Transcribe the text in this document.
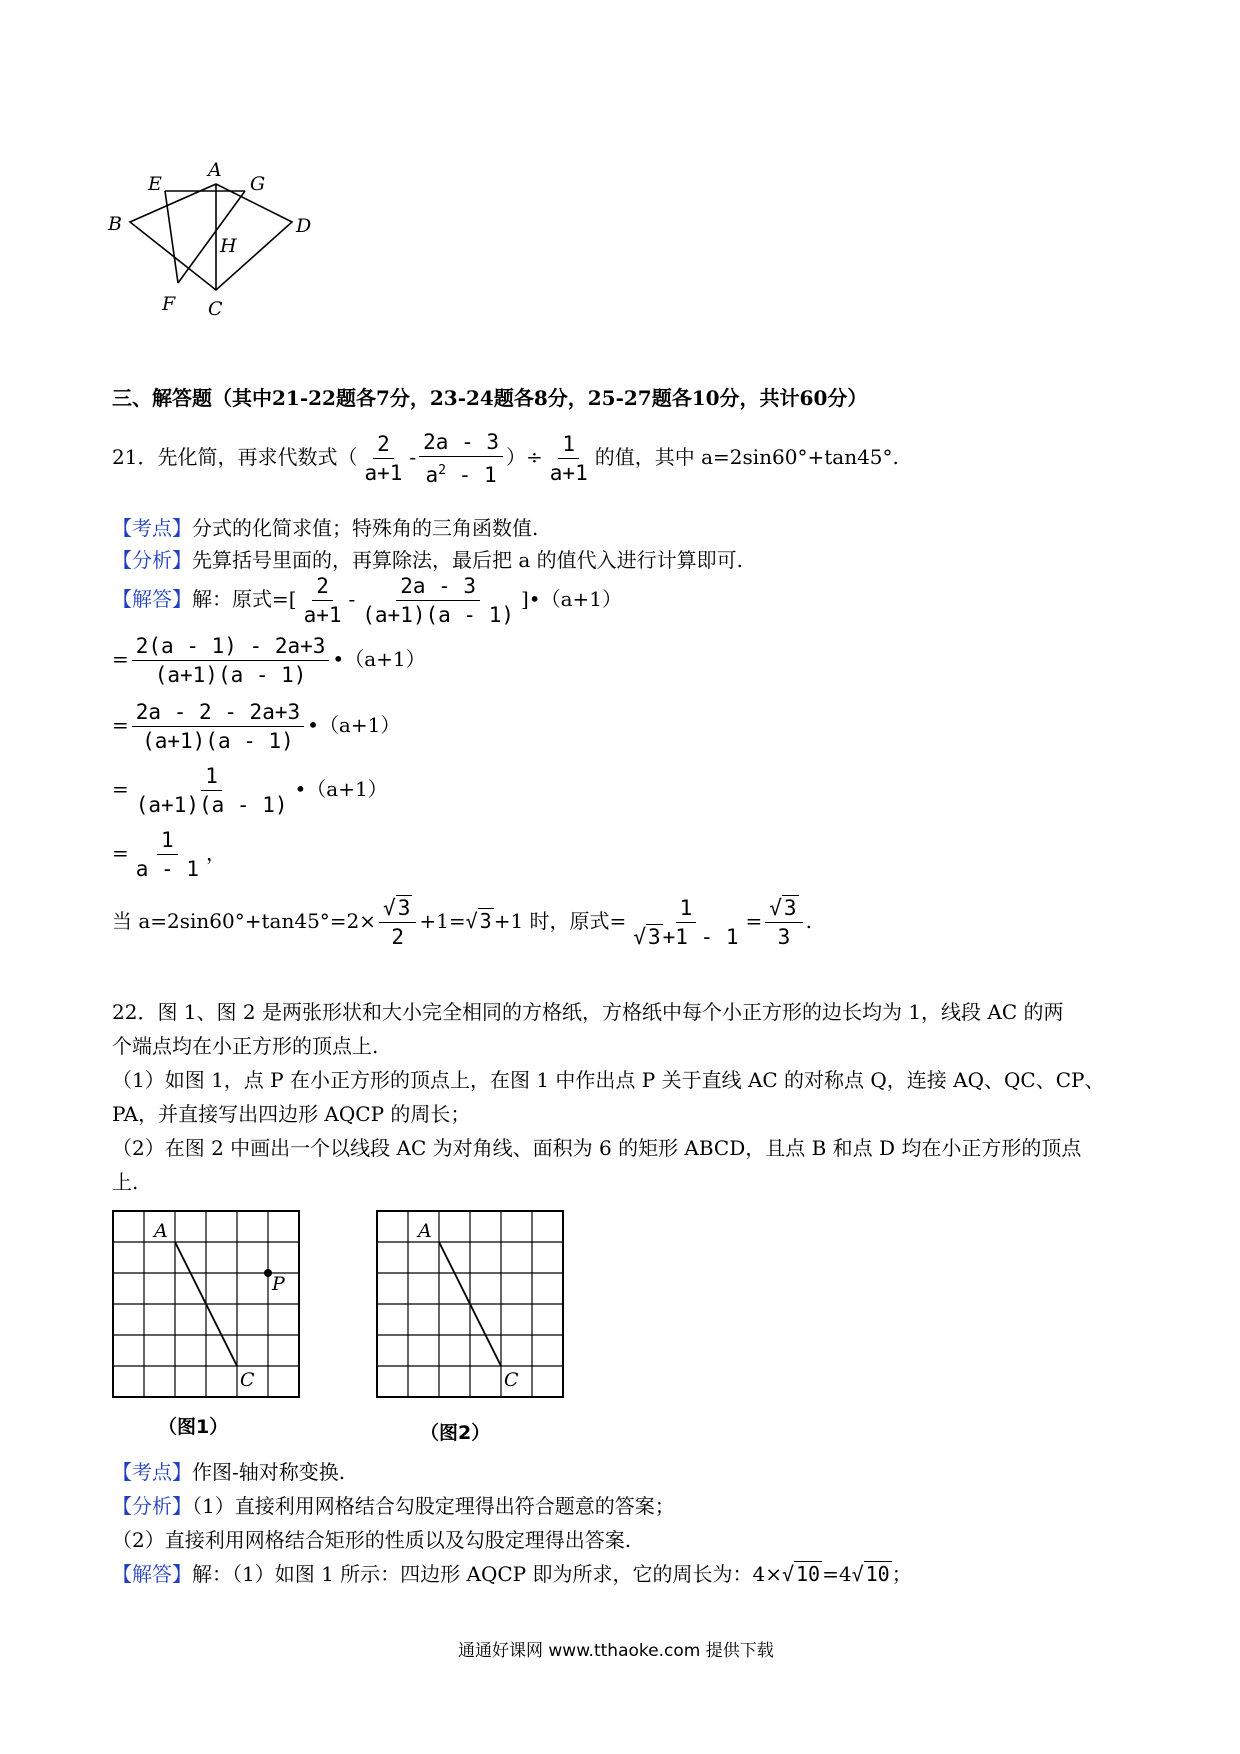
A
B
C
D
E
F
G
H
三、解答题（其中21-22题各7分，23-24题各8分，25-27题各10分，共计60分）
21．先化简，再求代数式（ $\frac{2}{a+1} - \frac{2a - 3}{a^2 - 1}$ ）÷ $\frac{1}{a+1}$ 的值，其中 a=2sin60°+tan45°.
【考点】分式的化简求值；特殊角的三角函数值.
【分析】先算括号里面的，再算除法，最后把 a 的值代入进行计算即可.
【解答】解：原式=[ $\frac{2}{a+1} - \frac{2a - 3}{(a+1)(a - 1)}$ ]•（a+1）
= $\frac{2(a - 1) - 2a+3}{(a+1)(a - 1)}$ •（a+1）
= $\frac{2a - 2 - 2a+3}{(a+1)(a - 1)}$ •（a+1）
= $\frac{1}{(a+1)(a - 1)}$ •（a+1）
= $\frac{1}{a - 1}$ ，
当 $a=2\sin 60^\circ+\tan 45^\circ=2\times \frac{√3}{2} +1=√$ 3 +1 时，原式= $\frac{1}{√3+1 - 1} = \frac{√3}{3}$ .
22．图 1、图 2 是两张形状和大小完全相同的方格纸，方格纸中每个小正方形的边长均为 1，线段 AC 的两
个端点均在小正方形的顶点上.
（1）如图 1，点 P 在小正方形的顶点上，在图 1 中作出点 P 关于直线 AC 的对称点 Q，连接 AQ、QC、CP、
PA，并直接写出四边形 AQCP 的周长；
（2）在图 2 中画出一个以线段 AC 为对角线、面积为 6 的矩形 ABCD，且点 B 和点 D 均在小正方形的顶点
上.
A
C
P
（图1）
A
C
（图2）
【考点】作图-轴对称变换.
【分析】（1）直接利用网格结合勾股定理得出符合题意的答案；
（2）直接利用网格结合矩形的性质以及勾股定理得出答案.
【解答】解：（1）如图 1 所示：四边形 AQCP 即为所求，它的周长为：4×√ 10 =4√ 10 ；
通通好课网 www.tthaoke.com 提供下载
